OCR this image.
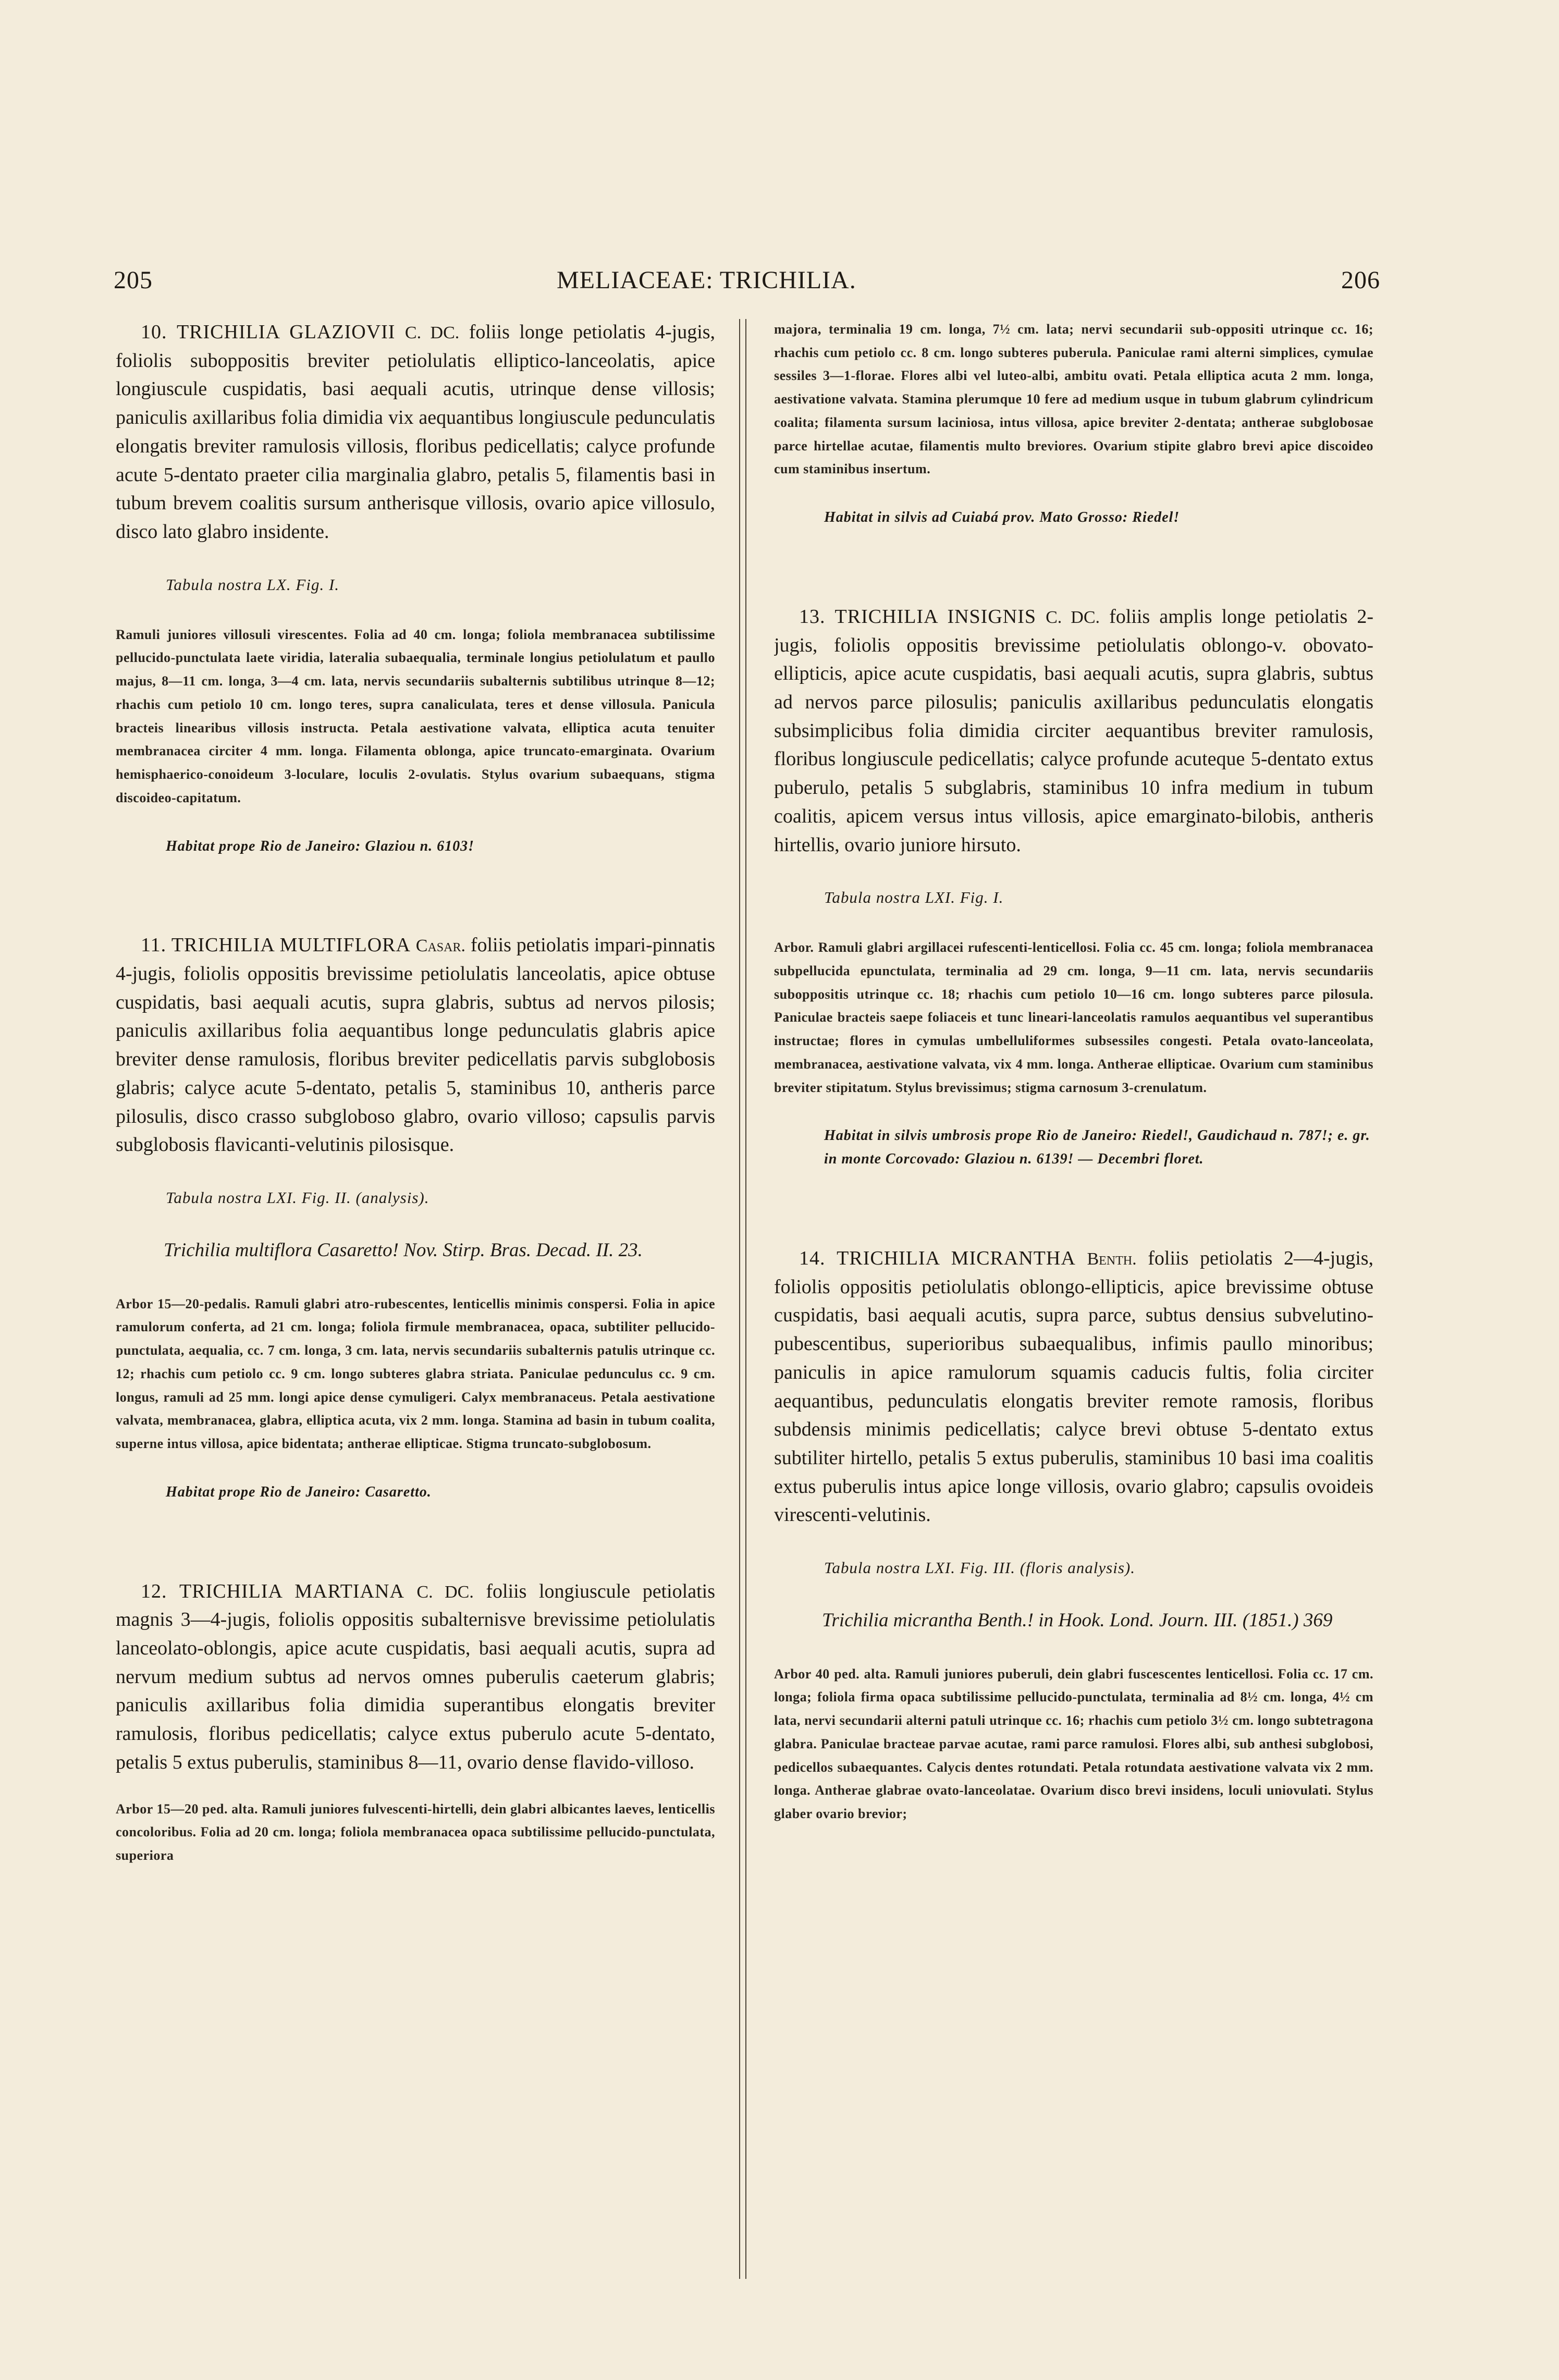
205	MELIACEAE: TRICHILIA.	206

10. TRICHILIA GLAZIOVII C. DC. foliis longe petiolatis 4-jugis, foliolis suboppositis breviter petiolulatis elliptico-lanceolatis, apice longiuscule cuspidatis, basi aequali acutis, utrinque dense villosis; paniculis axillaribus folia dimidia vix aequantibus longiuscule pedunculatis elongatis breviter ramulosis villosis, floribus pedicellatis; calyce profunde acute 5-dentato praeter cilia marginalia glabro, petalis 5, filamentis basi in tubum brevem coalitis sursum antherisque villosis, ovario apice villosulo, disco lato glabro insidente.

Tabula nostra LX. Fig. I.

Ramuli juniores villosuli virescentes. Folia ad 40 cm. longa; foliola membranacea subtilissime pellucido-punctulata laete viridia, lateralia subaequalia, terminale longius petiolulatum et paullo majus, 8—11 cm. longa, 3—4 cm. lata, nervis secundariis subalternis subtilibus utrinque 8—12; rhachis cum petiolo 10 cm. longo teres, supra canaliculata, teres et dense villosula. Panicula bracteis linearibus villosis instructa. Petala aestivatione valvata, elliptica acuta tenuiter membranacea circiter 4 mm. longa. Filamenta oblonga, apice truncato-emarginata. Ovarium hemisphaerico-conoideum 3-loculare, loculis 2-ovulatis. Stylus ovarium subaequans, stigma discoideo-capitatum.

Habitat prope Rio de Janeiro: Glaziou n. 6103!

11. TRICHILIA MULTIFLORA Casar. foliis petiolatis impari-pinnatis 4-jugis, foliolis oppositis brevissime petiolulatis lanceolatis, apice obtuse cuspidatis, basi aequali acutis, supra glabris, subtus ad nervos pilosis; paniculis axillaribus folia aequantibus longe pedunculatis glabris apice breviter dense ramulosis, floribus breviter pedicellatis parvis subglobosis glabris; calyce acute 5-dentato, petalis 5, staminibus 10, antheris parce pilosulis, disco crasso subgloboso glabro, ovario villoso; capsulis parvis subglobosis flavicanti-velutinis pilosisque.

Tabula nostra LXI. Fig. II. (analysis).

Trichilia multiflora Casaretto! Nov. Stirp. Bras. Decad. II. 23.

Arbor 15—20-pedalis. Ramuli glabri atro-rubescentes, lenticellis minimis conspersi. Folia in apice ramulorum conferta, ad 21 cm. longa; foliola firmule membranacea, opaca, subtiliter pellucido-punctulata, aequalia, cc. 7 cm. longa, 3 cm. lata, nervis secundariis subalternis patulis utrinque cc. 12; rhachis cum petiolo cc. 9 cm. longo subteres glabra striata. Paniculae pedunculus cc. 9 cm. longus, ramuli ad 25 mm. longi apice dense cymuligeri. Calyx membranaceus. Petala aestivatione valvata, membranacea, glabra, elliptica acuta, vix 2 mm. longa. Stamina ad basin in tubum coalita, superne intus villosa, apice bidentata; antherae ellipticae. Stigma truncato-subglobosum.

Habitat prope Rio de Janeiro: Casaretto.

12. TRICHILIA MARTIANA C. DC. foliis longiuscule petiolatis magnis 3—4-jugis, foliolis oppositis subalternisve brevissime petiolulatis lanceolato-oblongis, apice acute cuspidatis, basi aequali acutis, supra ad nervum medium subtus ad nervos omnes puberulis caeterum glabris; paniculis axillaribus folia dimidia superantibus elongatis breviter ramulosis, floribus pedicellatis; calyce extus puberulo acute 5-dentato, petalis 5 extus puberulis, staminibus 8—11, ovario dense flavido-villoso.

Arbor 15—20 ped. alta. Ramuli juniores fulvescenti-hirtelli, dein glabri albicantes laeves, lenticellis concoloribus. Folia ad 20 cm. longa; foliola membranacea opaca subtilissime pellucido-punctulata, superiora

majora, terminalia 19 cm. longa, 7½ cm. lata; nervi secundarii sub-oppositi utrinque cc. 16; rhachis cum petiolo cc. 8 cm. longo subteres puberula. Paniculae rami alterni simplices, cymulae sessiles 3—1-florae. Flores albi vel luteo-albi, ambitu ovati. Petala elliptica acuta 2 mm. longa, aestivatione valvata. Stamina plerumque 10 fere ad medium usque in tubum glabrum cylindricum coalita; filamenta sursum laciniosa, intus villosa, apice breviter 2-dentata; antherae subglobosae parce hirtellae acutae, filamentis multo breviores. Ovarium stipite glabro brevi apice discoideo cum staminibus insertum.

Habitat in silvis ad Cuiabá prov. Mato Grosso: Riedel!

13. TRICHILIA INSIGNIS C. DC. foliis amplis longe petiolatis 2-jugis, foliolis oppositis brevissime petiolulatis oblongo-v. obovato-ellipticis, apice acute cuspidatis, basi aequali acutis, supra glabris, subtus ad nervos parce pilosulis; paniculis axillaribus pedunculatis elongatis subsimplicibus folia dimidia circiter aequantibus breviter ramulosis, floribus longiuscule pedicellatis; calyce profunde acuteque 5-dentato extus puberulo, petalis 5 subglabris, staminibus 10 infra medium in tubum coalitis, apicem versus intus villosis, apice emarginato-bilobis, antheris hirtellis, ovario juniore hirsuto.

Tabula nostra LXI. Fig. I.

Arbor. Ramuli glabri argillacei rufescenti-lenticellosi. Folia cc. 45 cm. longa; foliola membranacea subpellucida epunctulata, terminalia ad 29 cm. longa, 9—11 cm. lata, nervis secundariis suboppositis utrinque cc. 18; rhachis cum petiolo 10—16 cm. longo subteres parce pilosula. Paniculae bracteis saepe foliaceis et tunc lineari-lanceolatis ramulos aequantibus vel superantibus instructae; flores in cymulas umbelluliformes subsessiles congesti. Petala ovato-lanceolata, membranacea, aestivatione valvata, vix 4 mm. longa. Antherae ellipticae. Ovarium cum staminibus breviter stipitatum. Stylus brevissimus; stigma carnosum 3-crenulatum.

Habitat in silvis umbrosis prope Rio de Janeiro: Riedel!, Gaudichaud n. 787!; e. gr. in monte Corcovado: Glaziou n. 6139! — Decembri floret.

14. TRICHILIA MICRANTHA Benth. foliis petiolatis 2—4-jugis, foliolis oppositis petiolulatis oblongo-ellipticis, apice brevissime obtuse cuspidatis, basi aequali acutis, supra parce, subtus densius subvelutino-pubescentibus, superioribus subaequalibus, infimis paullo minoribus; paniculis in apice ramulorum squamis caducis fultis, folia circiter aequantibus, pedunculatis elongatis breviter remote ramosis, floribus subdensis minimis pedicellatis; calyce brevi obtuse 5-dentato extus subtiliter hirtello, petalis 5 extus puberulis, staminibus 10 basi ima coalitis extus puberulis intus apice longe villosis, ovario glabro; capsulis ovoideis virescenti-velutinis.

Tabula nostra LXI. Fig. III. (floris analysis).

Trichilia micrantha Benth.! in Hook. Lond. Journ. III. (1851.) 369

Arbor 40 ped. alta. Ramuli juniores puberuli, dein glabri fuscescentes lenticellosi. Folia cc. 17 cm. longa; foliola firma opaca subtilissime pellucido-punctulata, terminalia ad 8½ cm. longa, 4½ cm lata, nervi secundarii alterni patuli utrinque cc. 16; rhachis cum petiolo 3½ cm. longo subtetragona glabra. Paniculae bracteae parvae acutae, rami parce ramulosi. Flores albi, sub anthesi subglobosi, pedicellos subaequantes. Calycis dentes rotundati. Petala rotundata aestivatione valvata vix 2 mm. longa. Antherae glabrae ovato-lanceolatae. Ovarium disco brevi insidens, loculi uniovulati. Stylus glaber ovario brevior;
